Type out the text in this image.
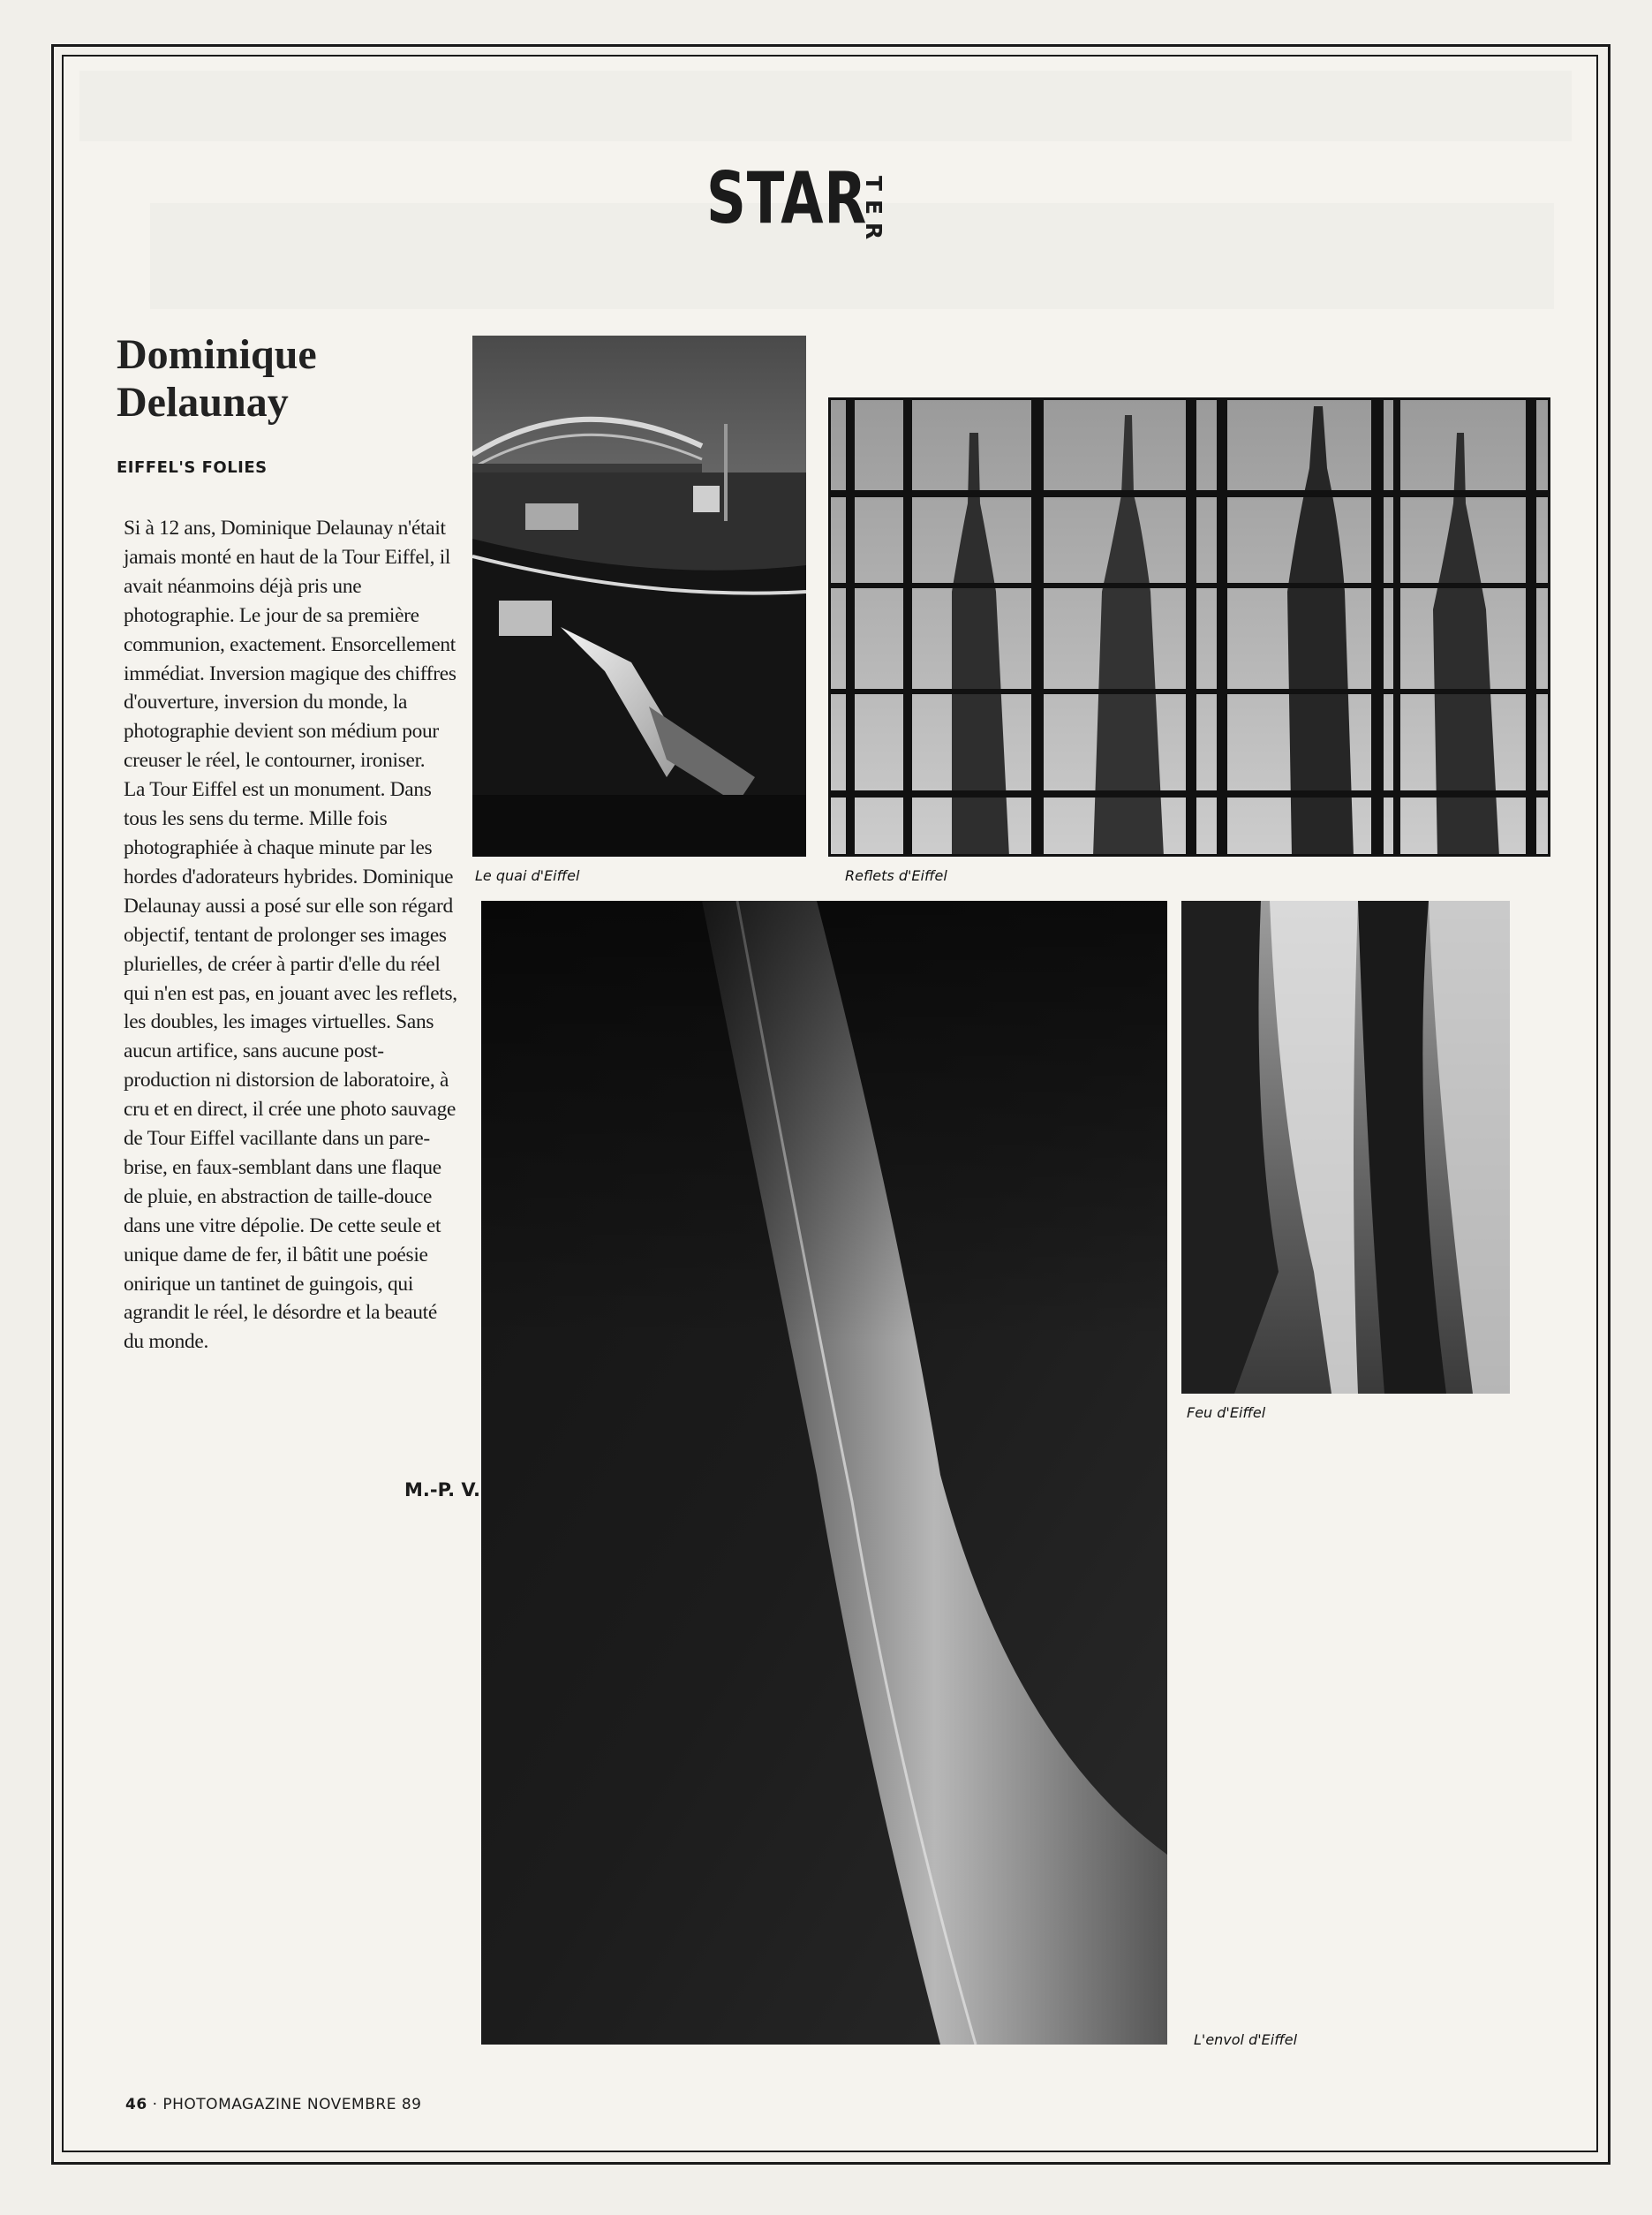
STAR
T
E
R
Dominique
Delaunay
EIFFEL'S FOLIES

Si à 12 ans, Dominique Delaunay n'était jamais monté en haut de la Tour Eiffel, il avait néanmoins déjà pris une photographie. Le jour de sa première communion, exactement. Ensorcellement immédiat. Inversion magique des chiffres d'ouverture, inversion du monde, la photographie devient son médium pour creuser le réel, le contourner, ironiser.

La Tour Eiffel est un monument. Dans tous les sens du terme. Mille fois photographiée à chaque minute par les hordes d'adorateurs hybrides. Dominique Delaunay aussi a posé sur elle son régard objectif, tentant de prolonger ses images plurielles, de créer à partir d'elle du réel qui n'en est pas, en jouant avec les reflets, les doubles, les images virtuelles. Sans aucun artifice, sans aucune post-production ni distorsion de laboratoire, à cru et en direct, il crée une photo sauvage de Tour Eiffel vacillante dans un pare-brise, en faux-semblant dans une flaque de pluie, en abstraction de taille-douce dans une vitre dépolie. De cette seule et unique dame de fer, il bâtit une poésie onirique un tantinet de guingois, qui agrandit le réel, le désordre et la beauté du monde.

M.-P. V.
Le quai d'Eiffel	Reflets d'Eiffel
L'envol d'Eiffel
Feu d'Eiffel
46 · PHOTOMAGAZINE NOVEMBRE 89
